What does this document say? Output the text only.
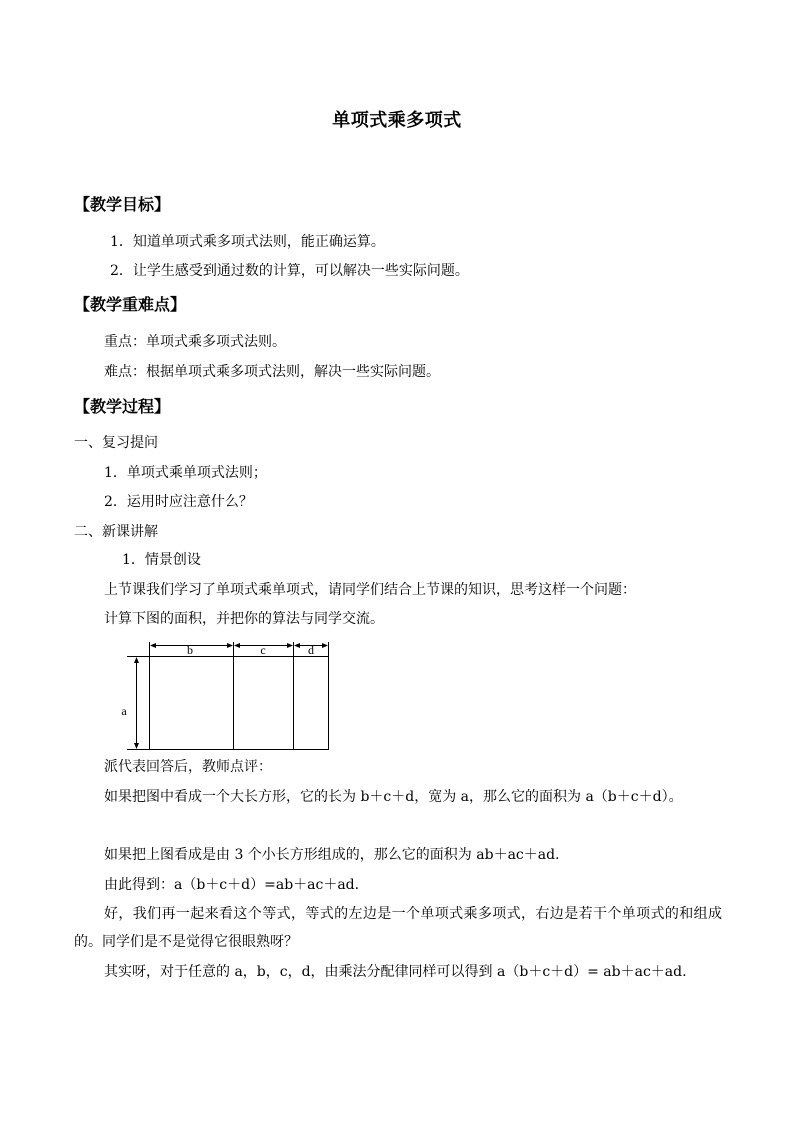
单项式乘多项式
【教学目标】
1．知道单项式乘多项式法则，能正确运算。
2．让学生感受到通过数的计算，可以解决一些实际问题。
【教学重难点】
重点：单项式乘多项式法则。
难点：根据单项式乘多项式法则，解决一些实际问题。
【教学过程】
一、复习提问
1．单项式乘单项式法则；
2．运用时应注意什么？
二、新课讲解
1．情景创设
上节课我们学习了单项式乘单项式，请同学们结合上节课的知识，思考这样一个问题：
计算下图的面积，并把你的算法与同学交流。
b	c	d
a
派代表回答后，教师点评：
如果把图中看成一个大长方形，它的长为 b＋c＋d，宽为 a，那么它的面积为 a（b＋c＋d）。
如果把上图看成是由 3 个小长方形组成的，那么它的面积为 ab＋ac＋ad.
由此得到：a（b＋c＋d）=ab＋ac＋ad.
好，我们再一起来看这个等式，等式的左边是一个单项式乘多项式，右边是若干个单项式的和组成的。同学们是不是觉得它很眼熟呀？
其实呀，对于任意的 a，b，c，d，由乘法分配律同样可以得到 a（b＋c＋d）= ab＋ac＋ad.
